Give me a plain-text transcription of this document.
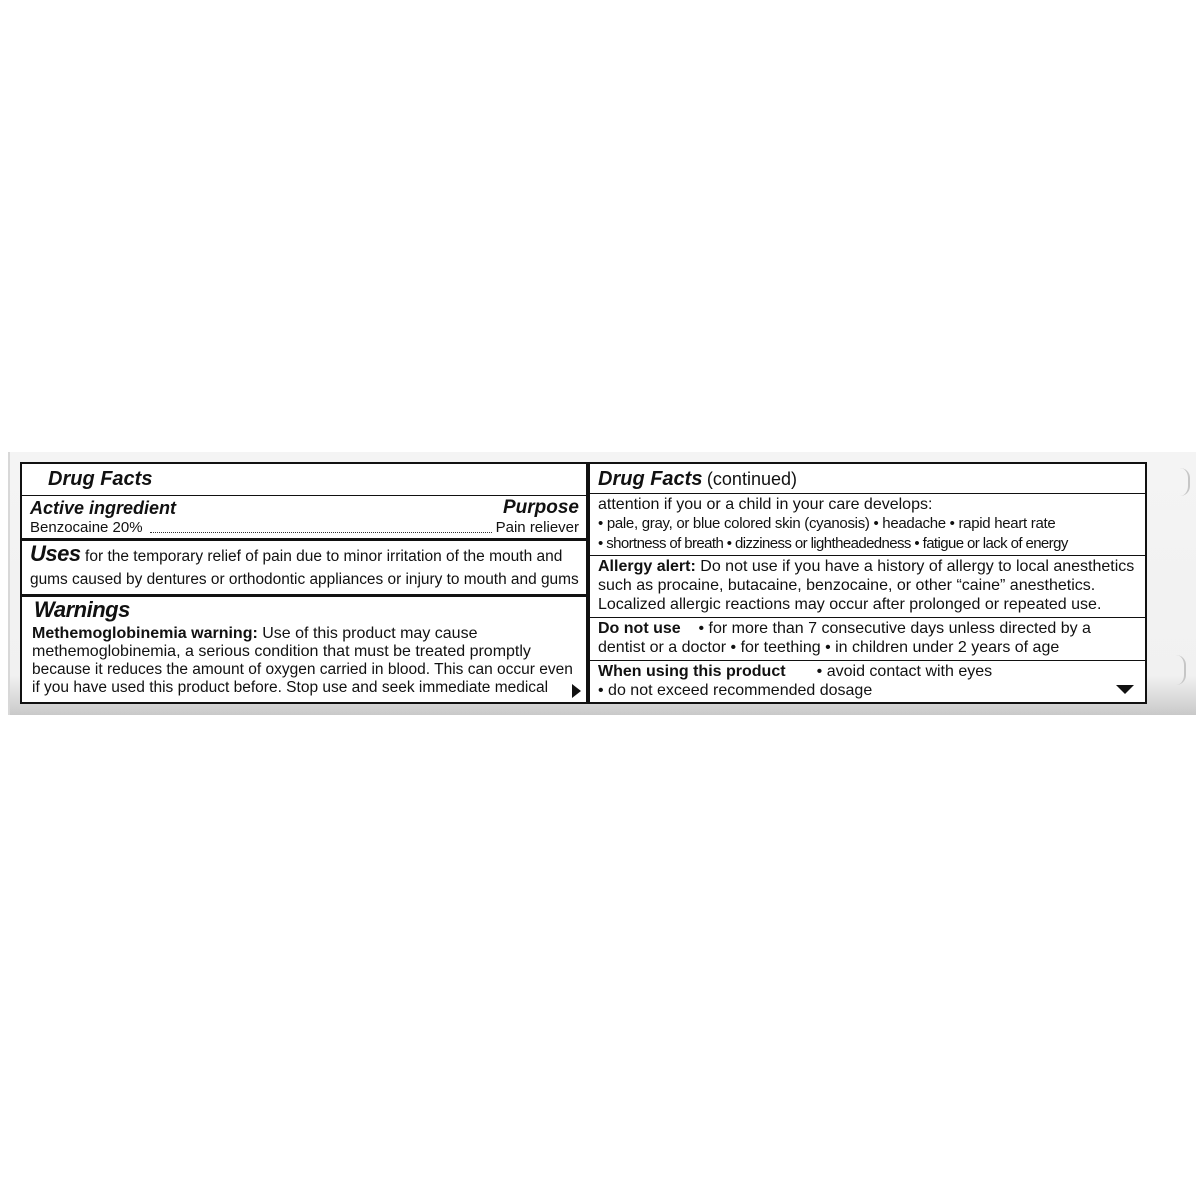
Drug Facts
Active ingredient	Purpose
Benzocaine 20%	Pain reliever
Uses for the temporary relief of pain due to minor irritation of the mouth and
gums caused by dentures or orthodontic appliances or injury to mouth and gums
Warnings
Methemoglobinemia warning: Use of this product may cause
methemoglobinemia, a serious condition that must be treated promptly
because it reduces the amount of oxygen carried in blood. This can occur even
if you have used this product before. Stop use and seek immediate medical
Drug Facts (continued)
attention if you or a child in your care develops:
• pale, gray, or blue colored skin (cyanosis) • headache • rapid heart rate
• shortness of breath • dizziness or lightheadedness • fatigue or lack of energy
Allergy alert: Do not use if you have a history of allergy to local anesthetics
such as procaine, butacaine, benzocaine, or other “caine” anesthetics.
Localized allergic reactions may occur after prolonged or repeated use.
Do not use • for more than 7 consecutive days unless directed by a
dentist or a doctor • for teething • in children under 2 years of age
When using this product • avoid contact with eyes
• do not exceed recommended dosage
